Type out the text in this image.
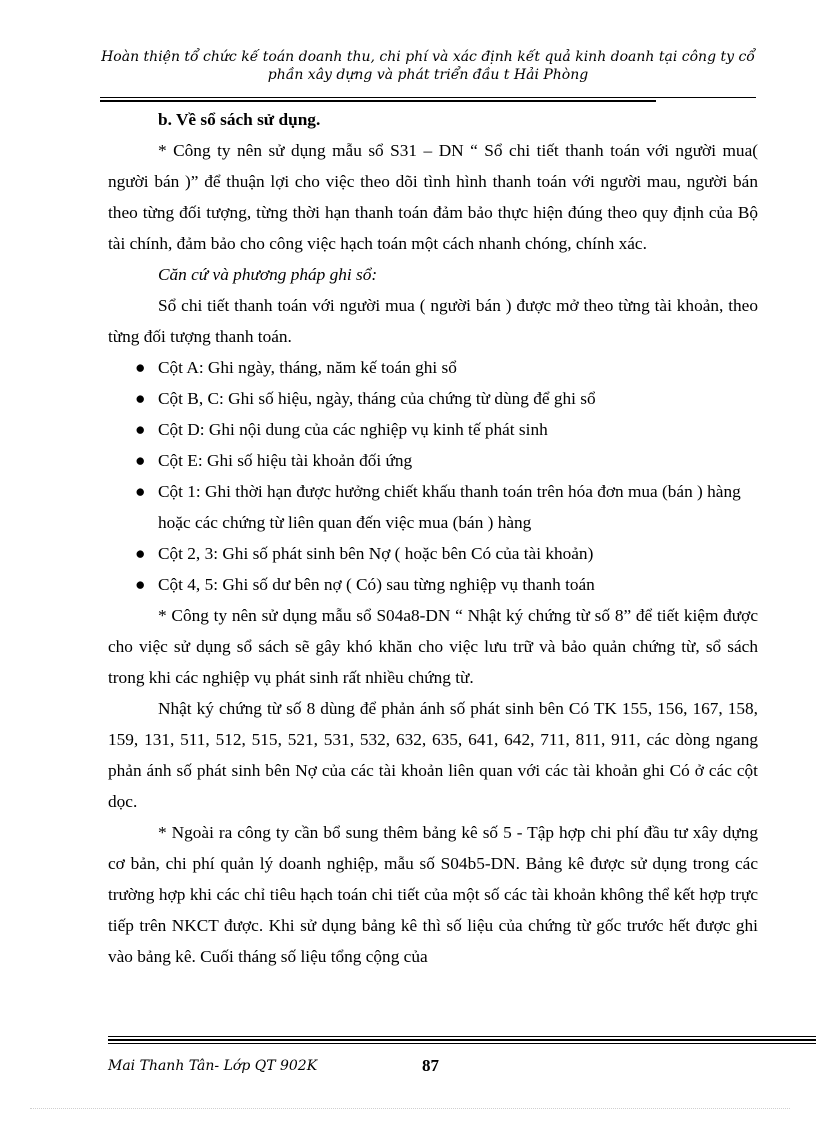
Hoàn thiện tổ chức kế toán doanh thu, chi phí và xác định kết quả kinh doanh tại công ty cổ
phần xây dựng và phát triển đầu t Hải Phòng

b. Về sổ sách sử dụng.

* Công ty nên sử dụng mẫu sổ S31 – DN “ Sổ chi tiết thanh toán với người mua( người bán )” để thuận lợi cho việc theo dõi tình hình thanh toán với người mau, người bán theo từng đối tượng, từng thời hạn thanh toán đảm bảo thực hiện đúng theo quy định của Bộ tài chính, đảm bảo cho công việc hạch toán một cách nhanh chóng, chính xác.

Căn cứ và phương pháp ghi sổ:

Sổ chi tiết thanh toán với người mua ( người bán ) được mở theo từng tài khoản, theo từng đối tượng thanh toán.

● Cột A: Ghi ngày, tháng, năm kế toán ghi sổ
● Cột B, C: Ghi số hiệu, ngày, tháng của chứng từ dùng để ghi sổ
● Cột D: Ghi nội dung của các nghiệp vụ kinh tế phát sinh
● Cột E: Ghi số hiệu tài khoản đối ứng
● Cột 1: Ghi thời hạn được hưởng chiết khấu thanh toán trên hóa đơn mua (bán ) hàng hoặc các chứng từ liên quan đến việc mua (bán ) hàng
● Cột 2, 3: Ghi số phát sinh bên Nợ ( hoặc bên Có của tài khoản)
● Cột 4, 5: Ghi số dư bên nợ ( Có) sau từng nghiệp vụ thanh toán

* Công ty nên sử dụng mẫu sổ S04a8-DN “ Nhật ký chứng từ số 8” để tiết kiệm được cho việc sử dụng sổ sách sẽ gây khó khăn cho việc lưu trữ và bảo quản chứng từ, sổ sách trong khi các nghiệp vụ phát sinh rất nhiều chứng từ.

Nhật ký chứng từ số 8 dùng để phản ánh số phát sinh bên Có TK 155, 156, 167, 158, 159, 131, 511, 512, 515, 521, 531, 532, 632, 635, 641, 642, 711, 811, 911, các dòng ngang phản ánh số phát sinh bên Nợ của các tài khoản liên quan với các tài khoản ghi Có ở các cột dọc.

* Ngoài ra công ty cần bổ sung thêm bảng kê số 5 - Tập hợp chi phí đầu tư xây dựng cơ bản, chi phí quản lý doanh nghiệp, mẫu số S04b5-DN. Bảng kê được sử dụng trong các trường hợp khi các chỉ tiêu hạch toán chi tiết của một số các tài khoản không thể kết hợp trực tiếp trên NKCT được. Khi sử dụng bảng kê thì số liệu của chứng từ gốc trước hết được ghi vào bảng kê. Cuối tháng số liệu tổng cộng của

Mai Thanh Tân- Lớp QT 902K	87
